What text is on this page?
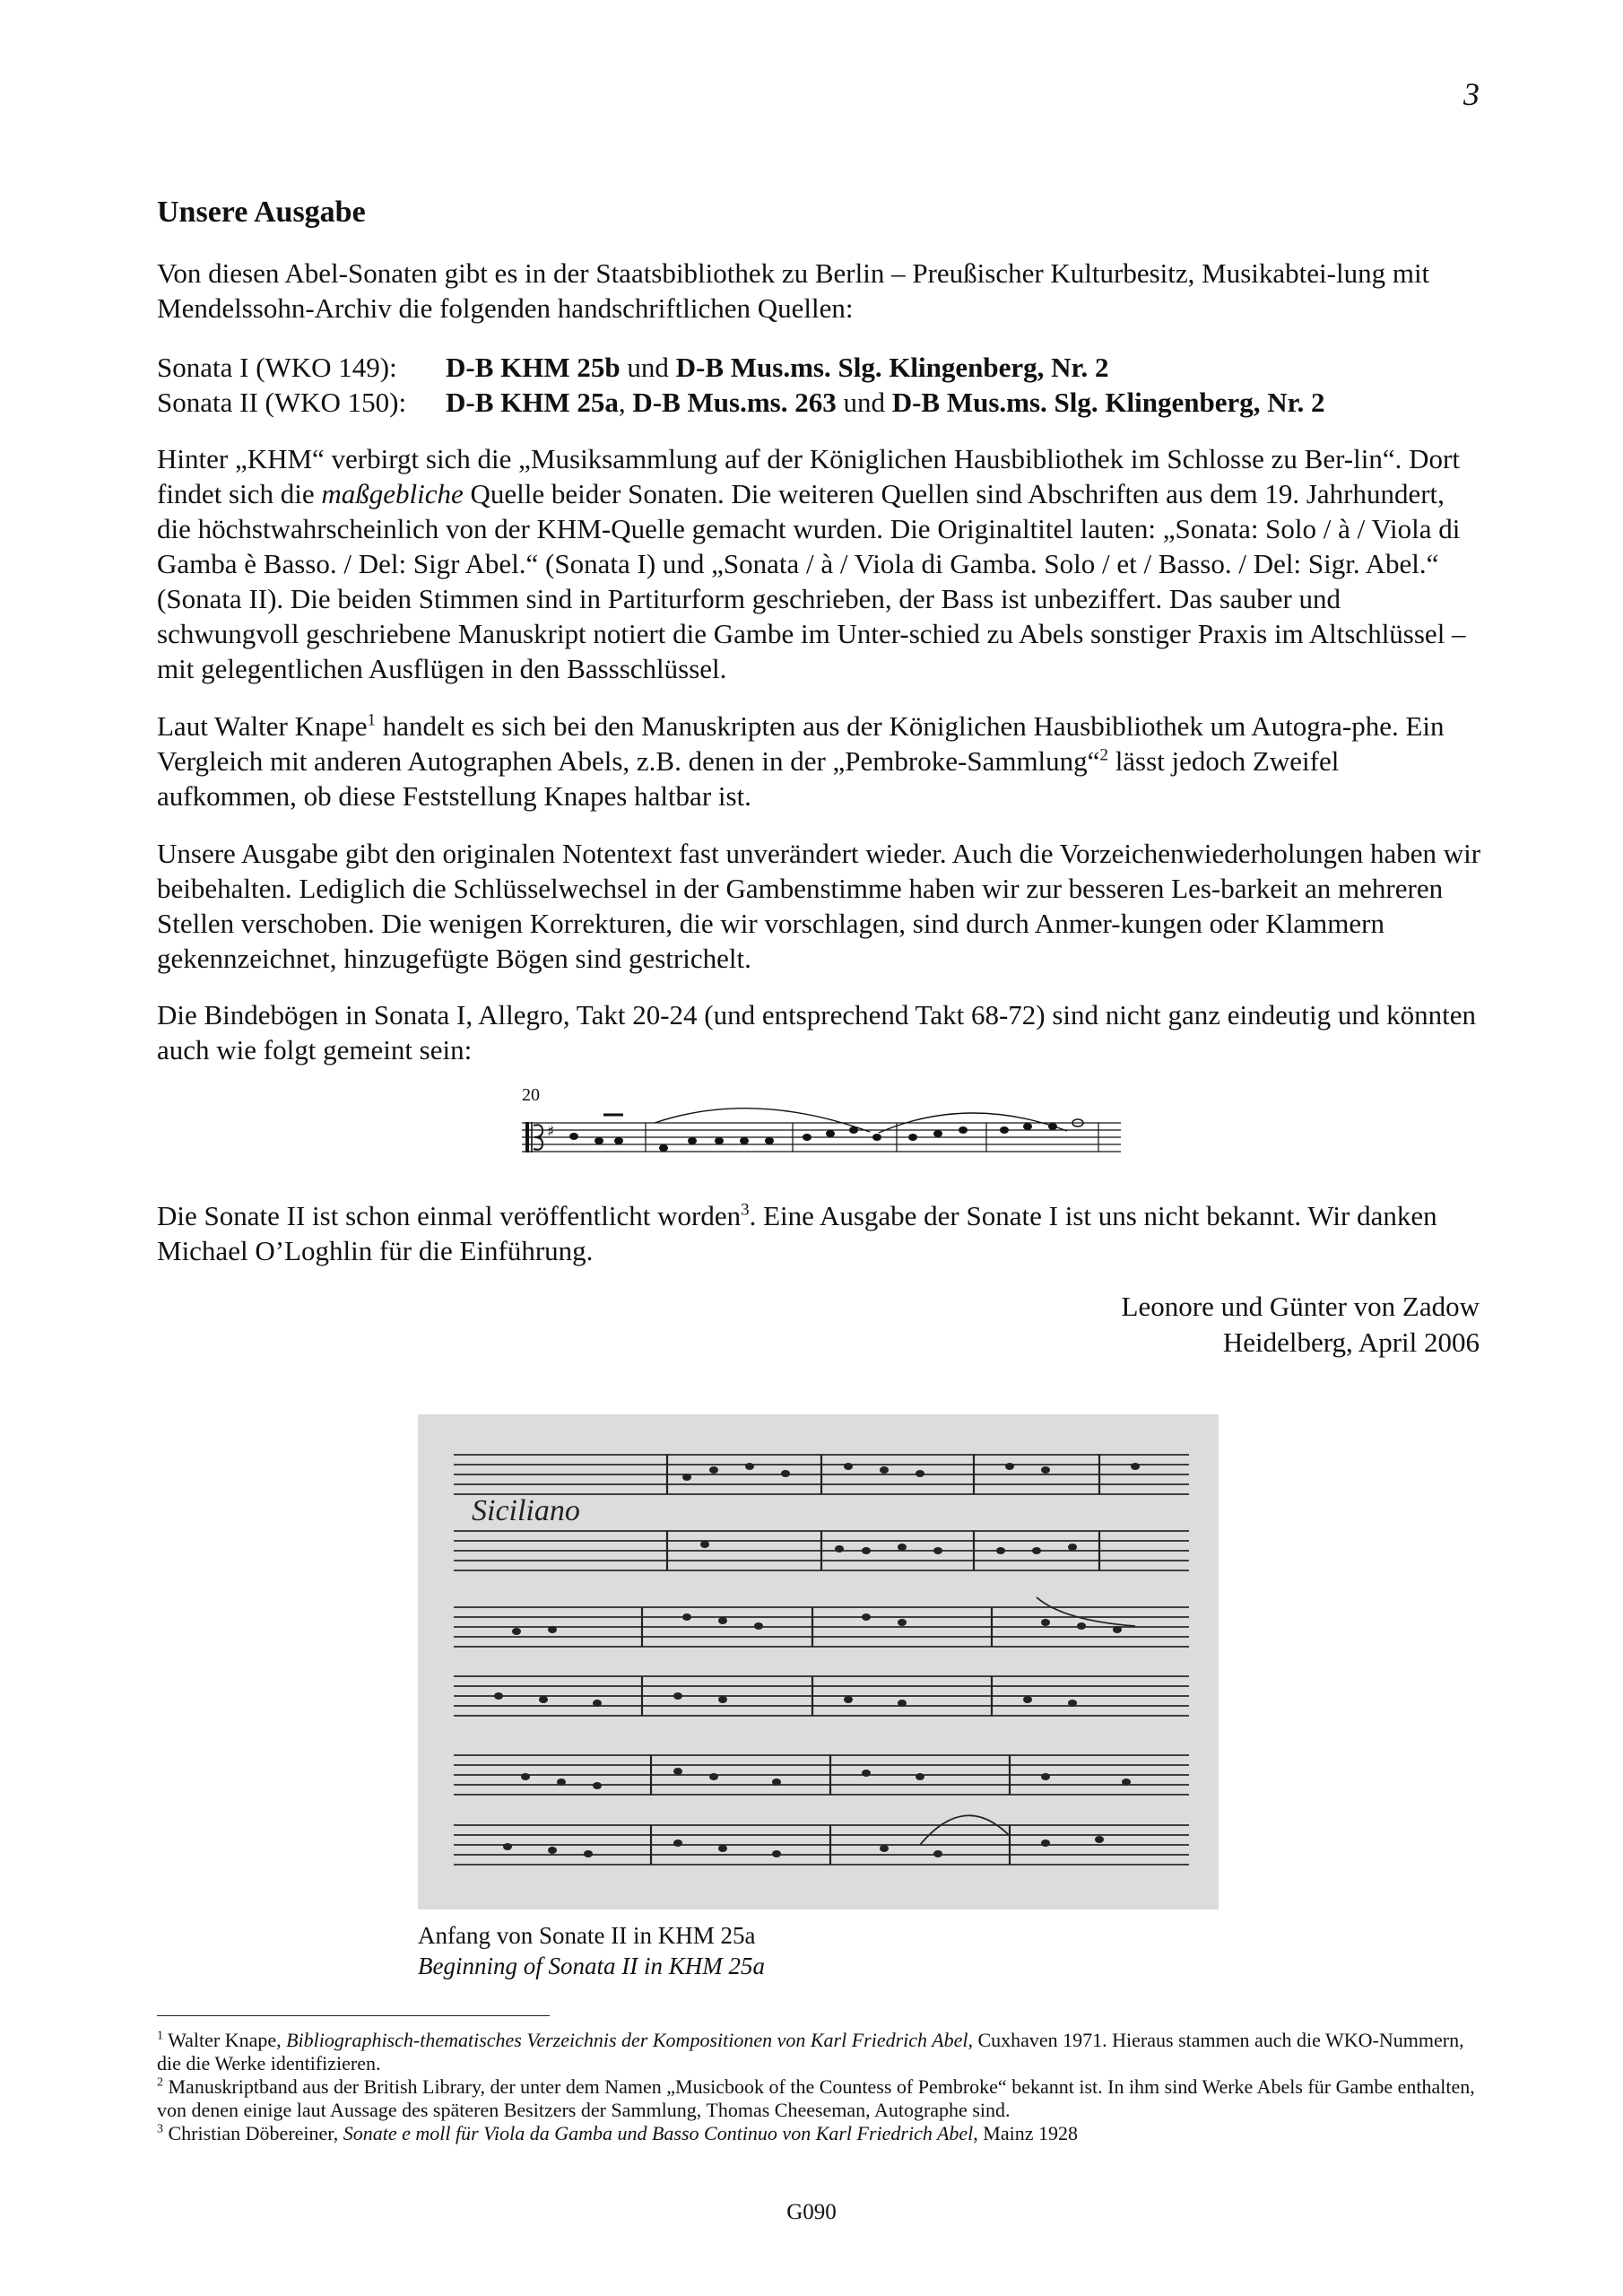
3
Unsere Ausgabe

Von diesen Abel-Sonaten gibt es in der Staatsbibliothek zu Berlin – Preußischer Kulturbesitz, Musikabtei-lung mit Mendelssohn-Archiv die folgenden handschriftlichen Quellen:

Sonata I (WKO 149): D-B KHM 25b und D-B Mus.ms. Slg. Klingenberg, Nr. 2
Sonata II (WKO 150): D-B KHM 25a, D-B Mus.ms. 263 und D-B Mus.ms. Slg. Klingenberg, Nr. 2

Hinter „KHM“ verbirgt sich die „Musiksammlung auf der Königlichen Hausbibliothek im Schlosse zu Ber-lin“. Dort findet sich die maßgebliche Quelle beider Sonaten. Die weiteren Quellen sind Abschriften aus dem 19. Jahrhundert, die höchstwahrscheinlich von der KHM-Quelle gemacht wurden. Die Originaltitel lauten: „Sonata: Solo / à / Viola di Gamba è Basso. / Del: Sigr Abel.“ (Sonata I) und „Sonata / à / Viola di Gamba. Solo / et / Basso. / Del: Sigr. Abel.“ (Sonata II). Die beiden Stimmen sind in Partiturform geschrieben, der Bass ist unbeziffert. Das sauber und schwungvoll geschriebene Manuskript notiert die Gambe im Unter-schied zu Abels sonstiger Praxis im Altschlüssel – mit gelegentlichen Ausflügen in den Bassschlüssel.

Laut Walter Knape$^1$ handelt es sich bei den Manuskripten aus der Königlichen Hausbibliothek um Autogra-phe. Ein Vergleich mit anderen Autographen Abels, z.B. denen in der „Pembroke-Sammlung“$^2$ lässt jedoch Zweifel aufkommen, ob diese Feststellung Knapes haltbar ist.

Unsere Ausgabe gibt den originalen Notentext fast unverändert wieder. Auch die Vorzeichenwiederholungen haben wir beibehalten. Lediglich die Schlüsselwechsel in der Gambenstimme haben wir zur besseren Les-barkeit an mehreren Stellen verschoben. Die wenigen Korrekturen, die wir vorschlagen, sind durch Anmer-kungen oder Klammern gekennzeichnet, hinzugefügte Bögen sind gestrichelt.

Die Bindebögen in Sonata I, Allegro, Takt 20-24 (und entsprechend Takt 68-72) sind nicht ganz eindeutig und könnten auch wie folgt gemeint sein:

20
♯

Die Sonate II ist schon einmal veröffentlicht worden$^3$. Eine Ausgabe der Sonate I ist uns nicht bekannt. Wir danken Michael O’Loghlin für die Einführung.

Leonore und Günter von Zadow
Heidelberg, April 2006
Siciliano
Anfang von Sonate II in KHM 25a
Beginning of Sonata II in KHM 25a

$^1$ Walter Knape, Bibliographisch-thematisches Verzeichnis der Kompositionen von Karl Friedrich Abel, Cuxhaven 1971. Hieraus stammen auch die WKO-Nummern, die die Werke identifizieren.

$^2$ Manuskriptband aus der British Library, der unter dem Namen „Musicbook of the Countess of Pembroke“ bekannt ist. In ihm sind Werke Abels für Gambe enthalten, von denen einige laut Aussage des späteren Besitzers der Sammlung, Thomas Cheeseman, Autographe sind.

$^3$ Christian Döbereiner, Sonate e moll für Viola da Gamba und Basso Continuo von Karl Friedrich Abel, Mainz 1928

G090
